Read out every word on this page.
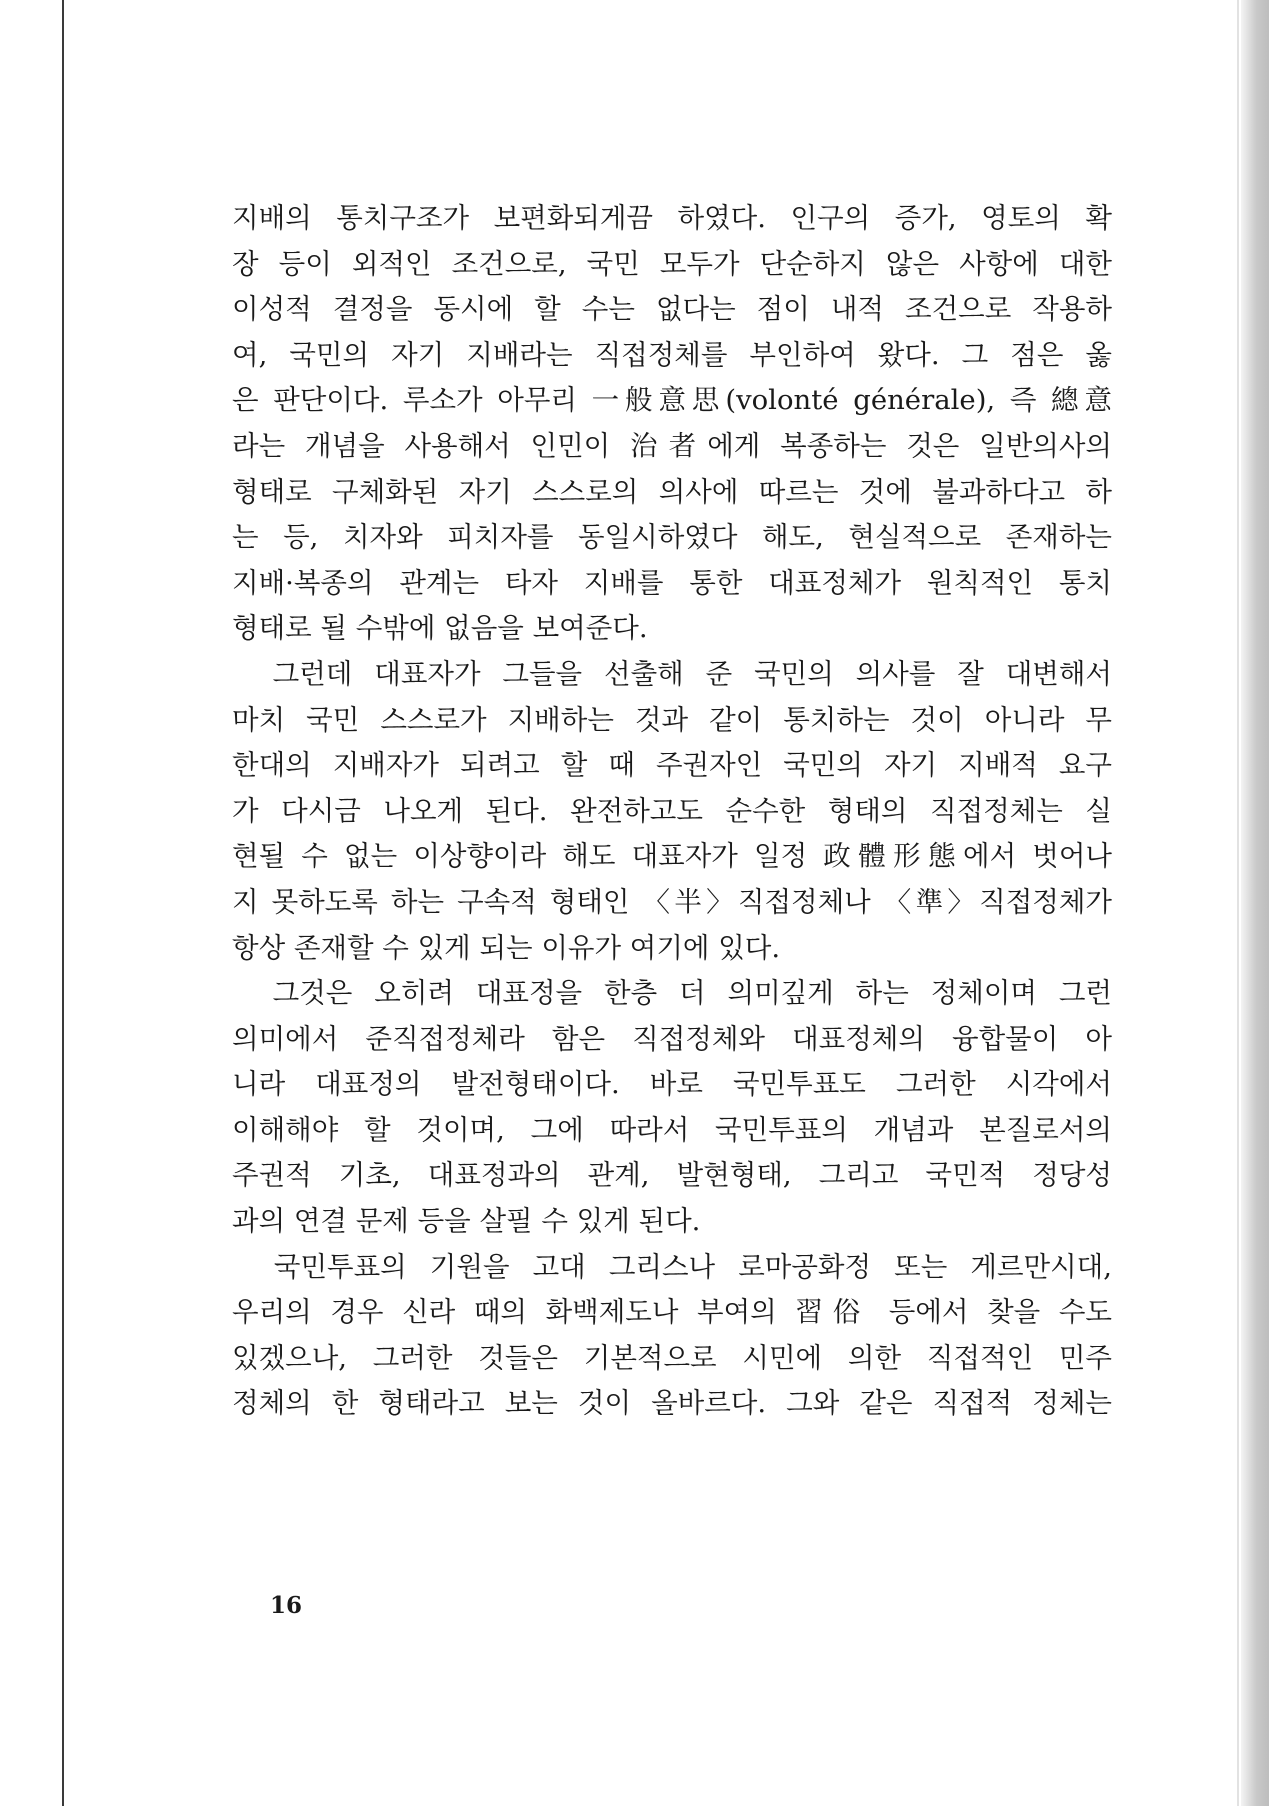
지배의 통치구조가 보편화되게끔 하였다. 인구의 증가, 영토의 확
장 등이 외적인 조건으로, 국민 모두가 단순하지 않은 사항에 대한
이성적 결정을 동시에 할 수는 없다는 점이 내적 조건으로 작용하
여, 국민의 자기 지배라는 직접정체를 부인하여 왔다. 그 점은 옳
은 판단이다. 루소가 아무리 一般意思(volonté générale), 즉 總意
라는 개념을 사용해서 인민이 治者에게 복종하는 것은 일반의사의
형태로 구체화된 자기 스스로의 의사에 따르는 것에 불과하다고 하
는 등, 치자와 피치자를 동일시하였다 해도, 현실적으로 존재하는
지배·복종의 관계는 타자 지배를 통한 대표정체가 원칙적인 통치
형태로 될 수밖에 없음을 보여준다.
　그런데 대표자가 그들을 선출해 준 국민의 의사를 잘 대변해서
마치 국민 스스로가 지배하는 것과 같이 통치하는 것이 아니라 무
한대의 지배자가 되려고 할 때 주권자인 국민의 자기 지배적 요구
가 다시금 나오게 된다. 완전하고도 순수한 형태의 직접정체는 실
현될 수 없는 이상향이라 해도 대표자가 일정 政體形態에서 벗어나
지 못하도록 하는 구속적 형태인 〈半〉직접정체나 〈準〉직접정체가
항상 존재할 수 있게 되는 이유가 여기에 있다.
　그것은 오히려 대표정을 한층 더 의미깊게 하는 정체이며 그런
의미에서 준직접정체라 함은 직접정체와 대표정체의 융합물이 아
니라 대표정의 발전형태이다. 바로 국민투표도 그러한 시각에서
이해해야 할 것이며, 그에 따라서 국민투표의 개념과 본질로서의
주권적 기초, 대표정과의 관계, 발현형태, 그리고 국민적 정당성
과의 연결 문제 등을 살필 수 있게 된다.
　국민투표의 기원을 고대 그리스나 로마공화정 또는 게르만시대,
우리의 경우 신라 때의 화백제도나 부여의 習俗 등에서 찾을 수도
있겠으나, 그러한 것들은 기본적으로 시민에 의한 직접적인 민주
정체의 한 형태라고 보는 것이 올바르다. 그와 같은 직접적 정체는
16
